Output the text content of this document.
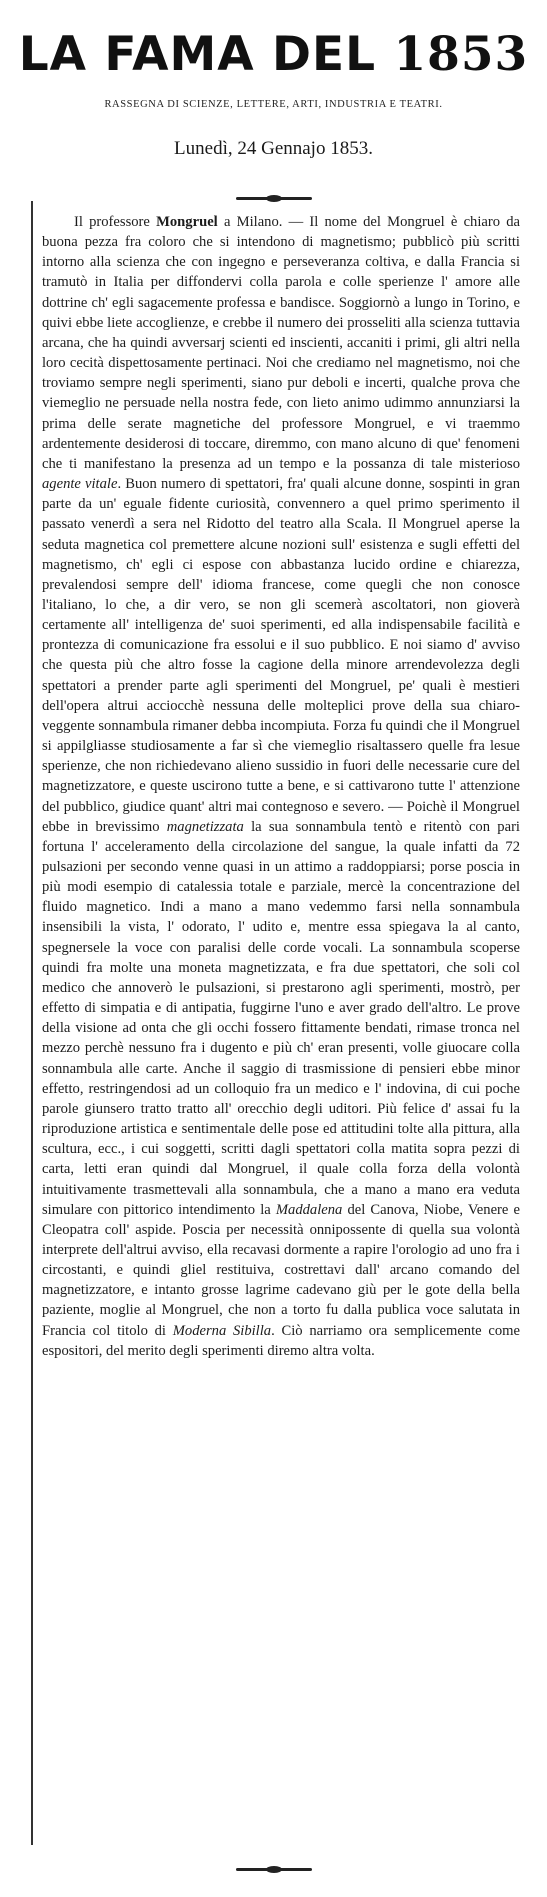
LA FAMA DEL 1853
RASSEGNA DI SCIENZE, LETTERE, ARTI, INDUSTRIA E TEATRI.
Lunedì, 24 Gennajo 1853.

Il professore Mongruel a Milano. — Il nome del Mongruel è chiaro da buona pezza fra coloro che si intendono di magnetismo; pubblicò più scritti intorno alla scienza che con ingegno e perseveranza coltiva, e dalla Francia si tramutò in Italia per diffondervi colla parola e colle sperienze l' amore alle dottrine ch' egli sagacemente professa e bandisce. Soggiornò a lungo in Torino, e quivi ebbe liete accoglienze, e crebbe il numero dei prosseliti alla scienza tuttavia arcana, che ha quindi avversarj scienti ed inscienti, accaniti i primi, gli altri nella loro cecità dispettosamente pertinaci. Noi che crediamo nel magnetismo, noi che troviamo sempre negli sperimenti, siano pur deboli e incerti, qualche prova che viemeglio ne persuade nella nostra fede, con lieto animo udimmo annunziarsi la prima delle serate magnetiche del professore Mongruel, e vi traemmo ardentemente desiderosi di toccare, diremmo, con mano alcuno di que' fenomeni che ti manifestano la presenza ad un tempo e la possanza di tale misterioso agente vitale. Buon numero di spettatori, fra' quali alcune donne, sospinti in gran parte da un' eguale fidente curiosità, convennero a quel primo sperimento il passato venerdì a sera nel Ridotto del teatro alla Scala. Il Mongruel aperse la seduta magnetica col premettere alcune nozioni sull' esistenza e sugli effetti del magnetismo, ch' egli ci espose con abbastanza lucido ordine e chiarezza, prevalendosi sempre dell' idioma francese, come quegli che non conosce l'italiano, lo che, a dir vero, se non gli scemerà ascoltatori, non gioverà certamente all' intelligenza de' suoi sperimenti, ed alla indispensabile facilità e prontezza di comunicazione fra essolui e il suo pubblico. E noi siamo d' avviso che questa più che altro fosse la cagione della minore arrendevolezza degli spettatori a prender parte agli sperimenti del Mongruel, pe' quali è mestieri dell'opera altrui acciocchè nessuna delle molteplici prove della sua chiaro-veggente sonnambula rimaner debba incompiuta. Forza fu quindi che il Mongruel si appilgliasse studiosamente a far sì che viemeglio risaltassero quelle fra lesue sperienze, che non richiedevano alieno sussidio in fuori delle necessarie cure del magnetizzatore, e queste uscirono tutte a bene, e si cattivarono tutte l' attenzione del pubblico, giudice quant' altri mai contegnoso e severo. — Poichè il Mongruel ebbe in brevissimo magnetizzata la sua sonnambula tentò e ritentò con pari fortuna l' acceleramento della circolazione del sangue, la quale infatti da 72 pulsazioni per secondo venne quasi in un attimo a raddoppiarsi; porse poscia in più modi esempio di catalessia totale e parziale, mercè la concentrazione del fluido magnetico. Indi a mano a mano vedemmo farsi nella sonnambula insensibili la vista, l' odorato, l' udito e, mentre essa spiegava la al canto, spegnersele la voce con paralisi delle corde vocali. La sonnambula scoperse quindi fra molte una moneta magnetizzata, e fra due spettatori, che soli col medico che annoverò le pulsazioni, si prestarono agli sperimenti, mostrò, per effetto di simpatia e di antipatia, fuggirne l'uno e aver grado dell'altro. Le prove della visione ad onta che gli occhi fossero fittamente bendati, rimase tronca nel mezzo perchè nessuno fra i dugento e più ch' eran presenti, volle giuocare colla sonnambula alle carte. Anche il saggio di trasmissione di pensieri ebbe minor effetto, restringendosi ad un colloquio fra un medico e l' indovina, di cui poche parole giunsero tratto tratto all' orecchio degli uditori. Più felice d' assai fu la riproduzione artistica e sentimentale delle pose ed attitudini tolte alla pittura, alla scultura, ecc., i cui soggetti, scritti dagli spettatori colla matita sopra pezzi di carta, letti eran quindi dal Mongruel, il quale colla forza della volontà intuitivamente trasmettevali alla sonnambula, che a mano a mano era veduta simulare con pittorico intendimento la Maddalena del Canova, Niobe, Venere e Cleopatra coll' aspide. Poscia per necessità onnipossente di quella sua volontà interprete dell'altrui avviso, ella recavasi dormente a rapire l'orologio ad uno fra i circostanti, e quindi gliel restituiva, costrettavi dall' arcano comando del magnetizzatore, e intanto grosse lagrime cadevano giù per le gote della bella paziente, moglie al Mongruel, che non a torto fu dalla publica voce salutata in Francia col titolo di Moderna Sibilla. Ciò narriamo ora semplicemente come espositori, del merito degli sperimenti diremo altra volta.
